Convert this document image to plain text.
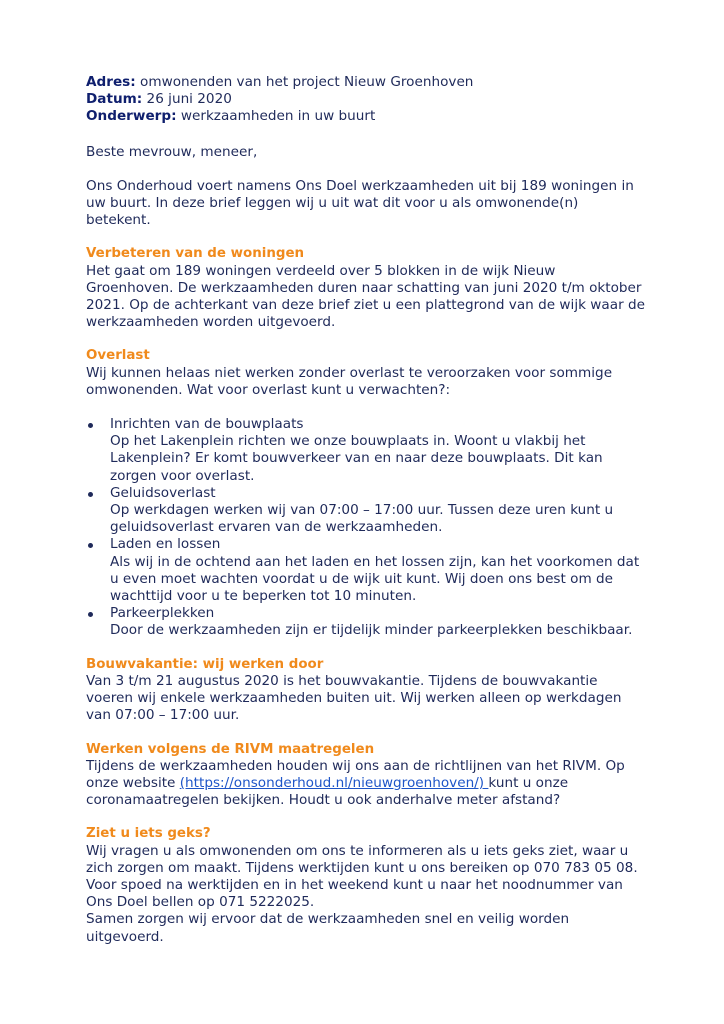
Adres: omwonenden van het project Nieuw Groenhoven

Datum: 26 juni 2020

Onderwerp: werkzaamheden in uw buurt

Beste mevrouw, meneer,

Ons Onderhoud voert namens Ons Doel werkzaamheden uit bij 189 woningen in uw buurt. In deze brief leggen wij u uit wat dit voor u als omwonende(n) betekent.

Verbeteren van de woningen

Het gaat om 189 woningen verdeeld over 5 blokken in de wijk Nieuw Groenhoven. De werkzaamheden duren naar schatting van juni 2020 t/m oktober 2021. Op de achterkant van deze brief ziet u een plattegrond van de wijk waar de werkzaamheden worden uitgevoerd.

Overlast

Wij kunnen helaas niet werken zonder overlast te veroorzaken voor sommige omwonenden. Wat voor overlast kunt u verwachten?:

Inrichten van de bouwplaats
Op het Lakenplein richten we onze bouwplaats in. Woont u vlakbij het Lakenplein? Er komt bouwverkeer van en naar deze bouwplaats. Dit kan zorgen voor overlast.
Geluidsoverlast
Op werkdagen werken wij van 07:00 – 17:00 uur. Tussen deze uren kunt u geluidsoverlast ervaren van de werkzaamheden.
Laden en lossen
Als wij in de ochtend aan het laden en het lossen zijn, kan het voorkomen dat u even moet wachten voordat u de wijk uit kunt. Wij doen ons best om de wachttijd voor u te beperken tot 10 minuten.
Parkeerplekken
Door de werkzaamheden zijn er tijdelijk minder parkeerplekken beschikbaar.

Bouwvakantie: wij werken door

Van 3 t/m 21 augustus 2020 is het bouwvakantie. Tijdens de bouwvakantie voeren wij enkele werkzaamheden buiten uit. Wij werken alleen op werkdagen van 07:00 – 17:00 uur.

Werken volgens de RIVM maatregelen

Tijdens de werkzaamheden houden wij ons aan de richtlijnen van het RIVM. Op onze website (https://onsonderhoud.nl/nieuwgroenhoven/) kunt u onze coronamaatregelen bekijken. Houdt u ook anderhalve meter afstand?

Ziet u iets geks?

Wij vragen u als omwonenden om ons te informeren als u iets geks ziet, waar u zich zorgen om maakt. Tijdens werktijden kunt u ons bereiken op 070 783 05 08. Voor spoed na werktijden en in het weekend kunt u naar het noodnummer van Ons Doel bellen op 071 5222025.

Samen zorgen wij ervoor dat de werkzaamheden snel en veilig worden uitgevoerd.
